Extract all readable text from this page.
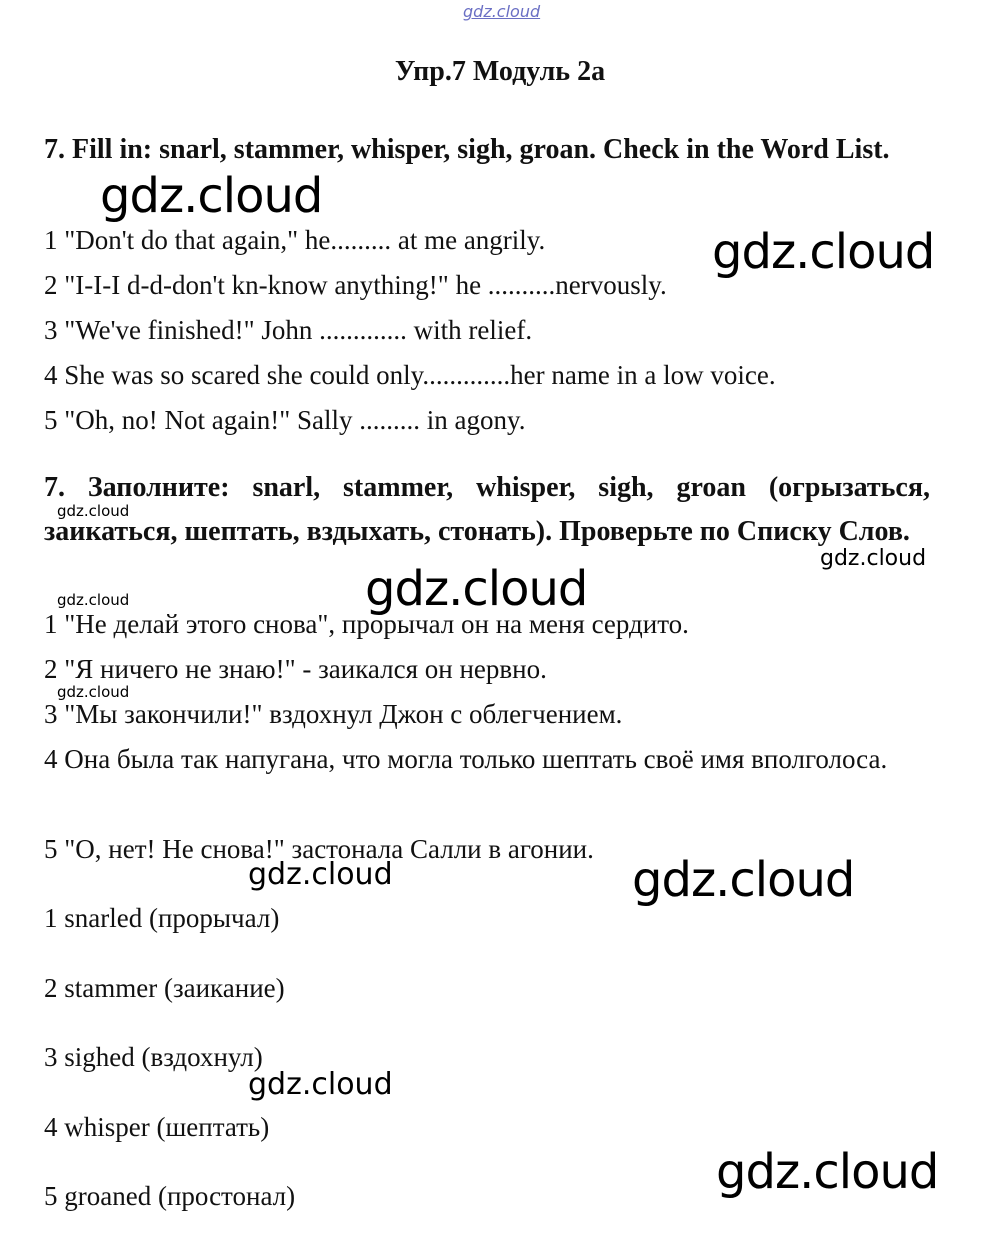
gdz.cloud
Упр.7 Модуль 2а
7. Fill in: snarl, stammer, whisper, sigh, groan. Check in the Word List.
1 "Don't do that again," he......... at me angrily.
2 "I-I-I d-d-don't kn-know anything!" he ..........nervously.
3 "We've finished!" John ............. with relief.
4 She was so scared she could only.............her name in a low voice.
5 "Oh, no! Not again!" Sally ......... in agony.
7. Заполните: snarl, stammer, whisper, sigh, groan (огрызаться, заикаться, шептать, вздыхать, стонать). Проверьте по Списку Слов.
1 "Не делай этого снова", прорычал он на меня сердито.
2 "Я ничего не знаю!" - заикался он нервно.
3 "Мы закончили!" вздохнул Джон с облегчением.
4 Она была так напугана, что могла только шептать своё имя вполголоса.
5 "О, нет! Не снова!" застонала Салли в агонии.
1 snarled (прорычал)
2 stammer (заикание)
3 sighed (вздохнул)
4 whisper (шептать)
5 groaned (простонал)
gdz.cloud
gdz.cloud
gdz.cloud
gdz.cloud
gdz.cloud
gdz.cloud
gdz.cloud
gdz.cloud	gdz.cloud
gdz.cloud
gdz.cloud
